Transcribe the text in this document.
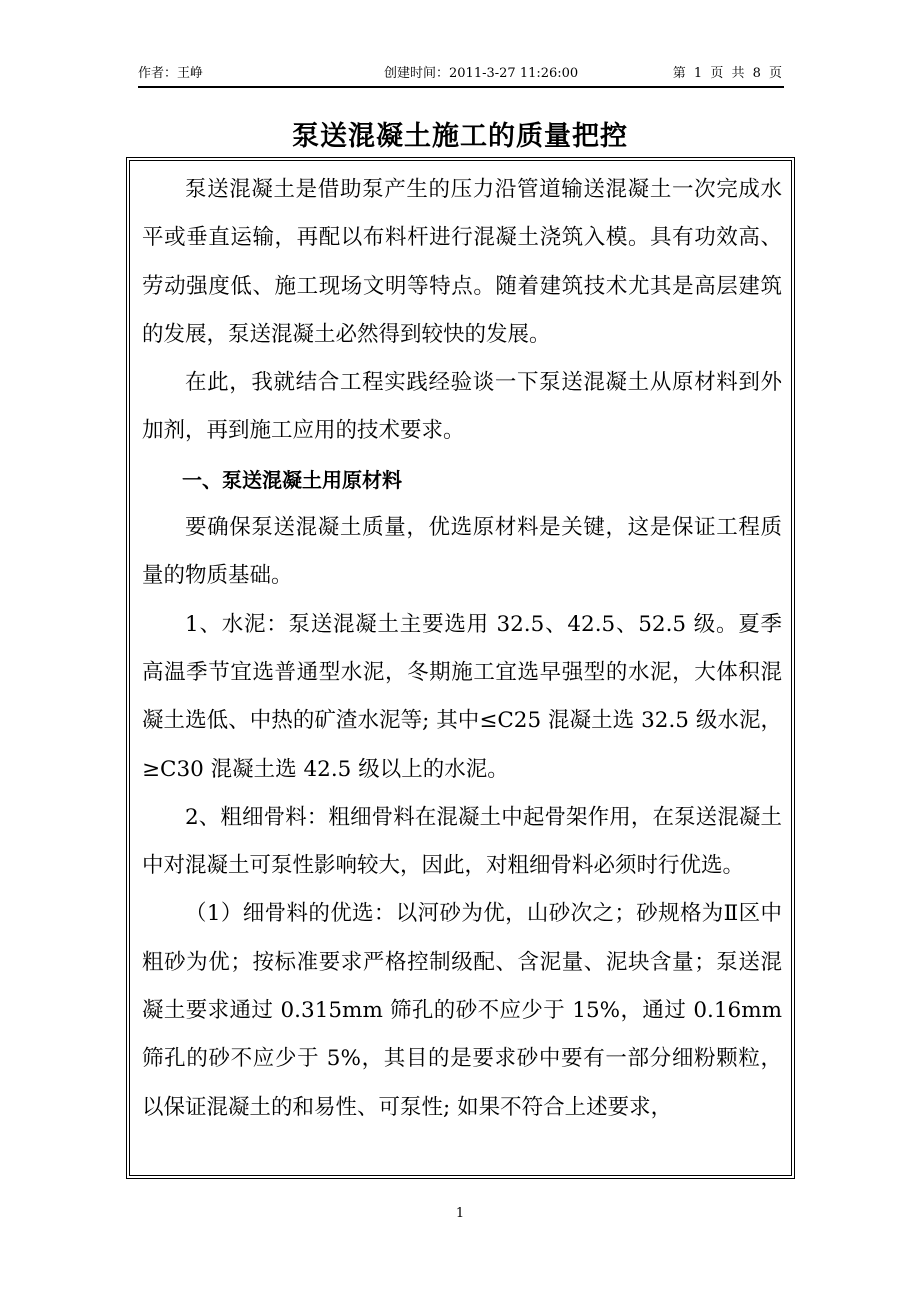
作者：王峥	创建时间：2011-3-27 11:26:00	第 1 页 共 8 页
泵送混凝土施工的质量把控

泵送混凝土是借助泵产生的压力沿管道输送混凝土一次完成水平或垂直运输，再配以布料杆进行混凝土浇筑入模。具有功效高、劳动强度低、施工现场文明等特点。随着建筑技术尤其是高层建筑的发展，泵送混凝土必然得到较快的发展。

在此，我就结合工程实践经验谈一下泵送混凝土从原材料到外加剂，再到施工应用的技术要求。

一、泵送混凝土用原材料

要确保泵送混凝土质量，优选原材料是关键，这是保证工程质量的物质基础。

1、水泥：泵送混凝土主要选用 32.5、42.5、52.5 级。夏季高温季节宜选普通型水泥，冬期施工宜选早强型的水泥，大体积混凝土选低、中热的矿渣水泥等; 其中≤C25 混凝土选 32.5 级水泥，≥C30 混凝土选 42.5 级以上的水泥。

2、粗细骨料：粗细骨料在混凝土中起骨架作用，在泵送混凝土中对混凝土可泵性影响较大，因此，对粗细骨料必须时行优选。

（1）细骨料的优选：以河砂为优，山砂次之；砂规格为Ⅱ区中粗砂为优；按标准要求严格控制级配、含泥量、泥块含量；泵送混凝土要求通过 0.315mm 筛孔的砂不应少于 15%，通过 0.16mm 筛孔的砂不应少于 5%，其目的是要求砂中要有一部分细粉颗粒，以保证混凝土的和易性、可泵性; 如果不符合上述要求，

1
